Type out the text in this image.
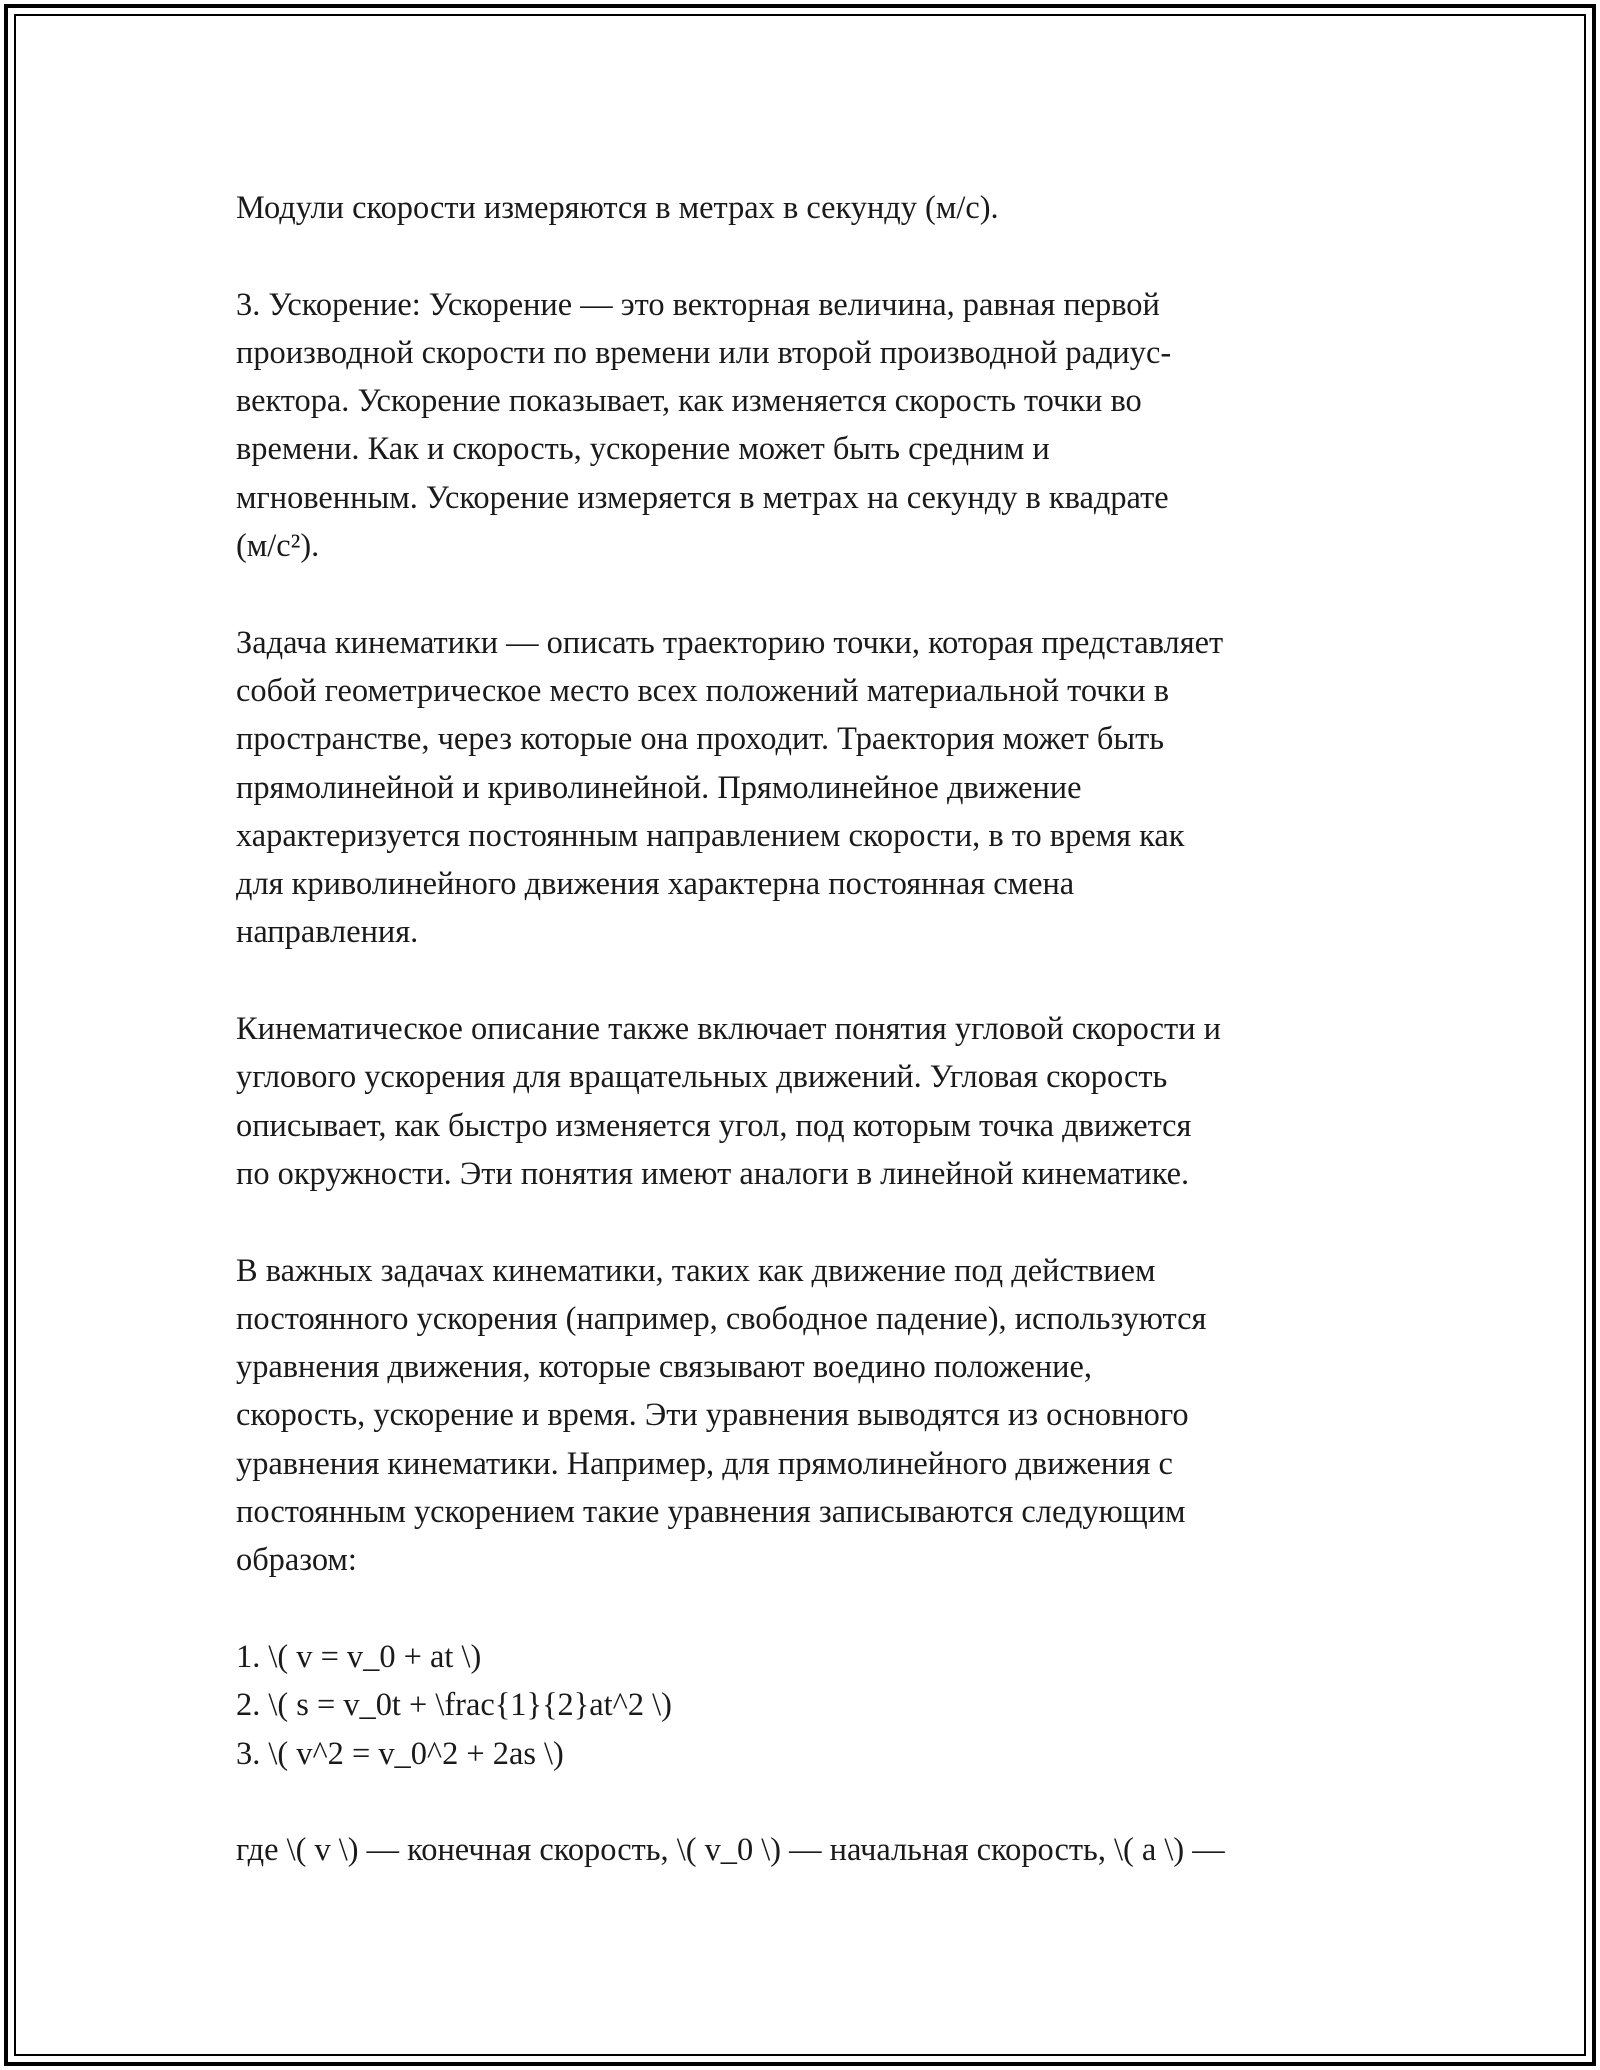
Модули скорости измеряются в метрах в секунду (м/с).

3. Ускорение: Ускорение — это векторная величина, равная первой
производной скорости по времени или второй производной радиус-
вектора. Ускорение показывает, как изменяется скорость точки во
времени. Как и скорость, ускорение может быть средним и
мгновенным. Ускорение измеряется в метрах на секунду в квадрате
(м/с²).

Задача кинематики — описать траекторию точки, которая представляет
собой геометрическое место всех положений материальной точки в
пространстве, через которые она проходит. Траектория может быть
прямолинейной и криволинейной. Прямолинейное движение
характеризуется постоянным направлением скорости, в то время как
для криволинейного движения характерна постоянная смена
направления.

Кинематическое описание также включает понятия угловой скорости и
углового ускорения для вращательных движений. Угловая скорость
описывает, как быстро изменяется угол, под которым точка движется
по окружности. Эти понятия имеют аналоги в линейной кинематике.

В важных задачах кинематики, таких как движение под действием
постоянного ускорения (например, свободное падение), используются
уравнения движения, которые связывают воедино положение,
скорость, ускорение и время. Эти уравнения выводятся из основного
уравнения кинематики. Например, для прямолинейного движения с
постоянным ускорением такие уравнения записываются следующим
образом:

1. \( v = v_0 + at \)
2. \( s = v_0t + \frac{1}{2}at^2 \)
3. \( v^2 = v_0^2 + 2as \)

где \( v \) — конечная скорость, \( v_0 \) — начальная скорость, \( a \) —
